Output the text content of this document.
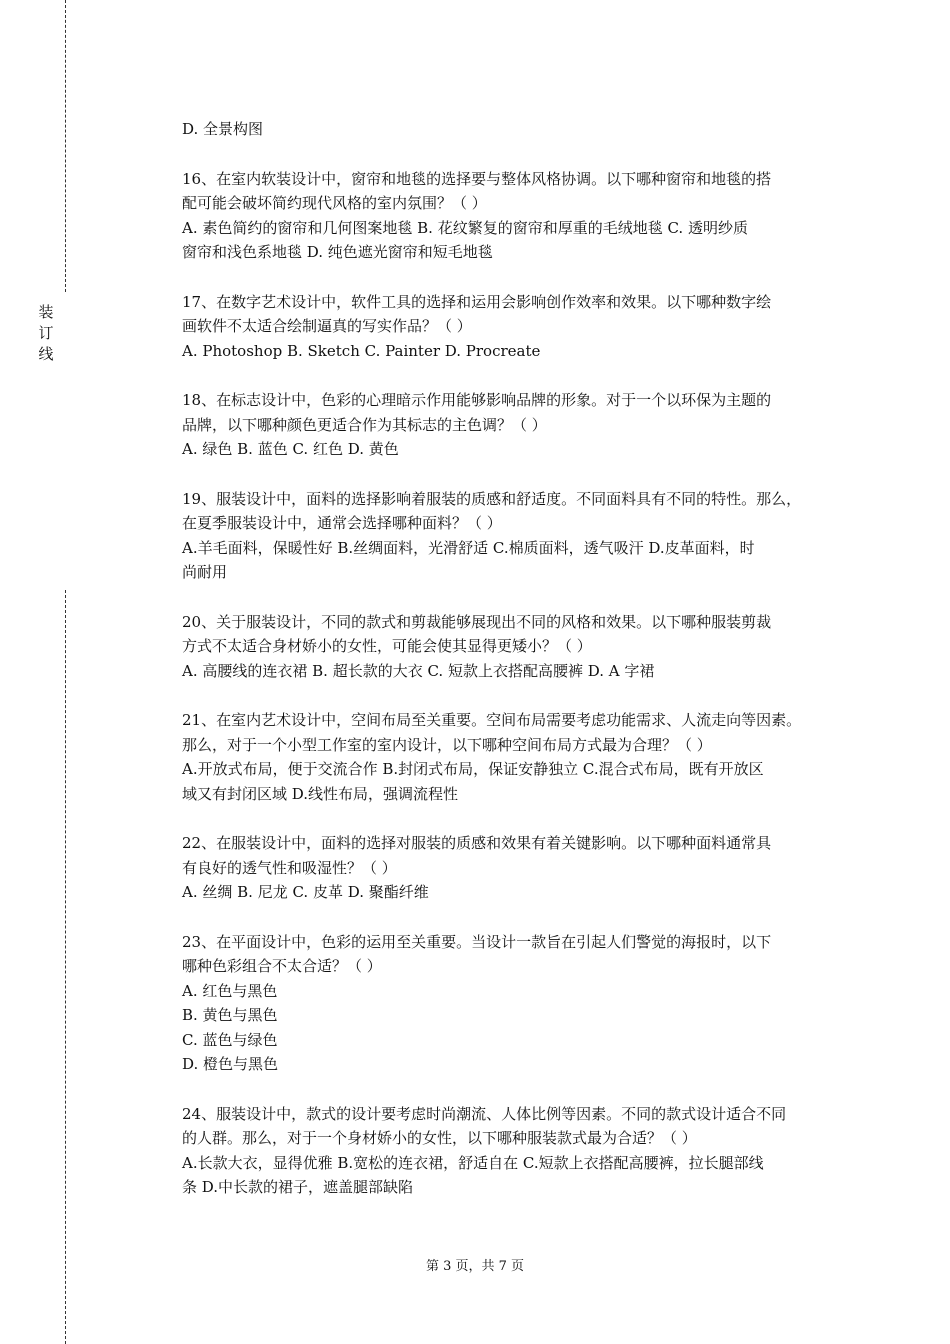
装订线
D. 全景构图
16、在室内软装设计中，窗帘和地毯的选择要与整体风格协调。以下哪种窗帘和地毯的搭
配可能会破坏简约现代风格的室内氛围？（ ）
A. 素色简约的窗帘和几何图案地毯 B. 花纹繁复的窗帘和厚重的毛绒地毯 C. 透明纱质
窗帘和浅色系地毯 D. 纯色遮光窗帘和短毛地毯
17、在数字艺术设计中，软件工具的选择和运用会影响创作效率和效果。以下哪种数字绘
画软件不太适合绘制逼真的写实作品？（ ）
A. Photoshop B. Sketch C. Painter D. Procreate
18、在标志设计中，色彩的心理暗示作用能够影响品牌的形象。对于一个以环保为主题的
品牌，以下哪种颜色更适合作为其标志的主色调？（ ）
A. 绿色 B. 蓝色 C. 红色 D. 黄色
19、服装设计中，面料的选择影响着服装的质感和舒适度。不同面料具有不同的特性。那么，
在夏季服装设计中，通常会选择哪种面料？（ ）
A.羊毛面料，保暖性好 B.丝绸面料，光滑舒适 C.棉质面料，透气吸汗 D.皮革面料，时
尚耐用
20、关于服装设计，不同的款式和剪裁能够展现出不同的风格和效果。以下哪种服装剪裁
方式不太适合身材娇小的女性，可能会使其显得更矮小？（ ）
A. 高腰线的连衣裙 B. 超长款的大衣 C. 短款上衣搭配高腰裤 D. A 字裙
21、在室内艺术设计中，空间布局至关重要。空间布局需要考虑功能需求、人流走向等因素。
那么，对于一个小型工作室的室内设计，以下哪种空间布局方式最为合理？（ ）
A.开放式布局，便于交流合作 B.封闭式布局，保证安静独立 C.混合式布局，既有开放区
域又有封闭区域 D.线性布局，强调流程性
22、在服装设计中，面料的选择对服装的质感和效果有着关键影响。以下哪种面料通常具
有良好的透气性和吸湿性？（ ）
A. 丝绸 B. 尼龙 C. 皮革 D. 聚酯纤维
23、在平面设计中，色彩的运用至关重要。当设计一款旨在引起人们警觉的海报时，以下
哪种色彩组合不太合适？（ ）
A. 红色与黑色
B. 黄色与黑色
C. 蓝色与绿色
D. 橙色与黑色
24、服装设计中，款式的设计要考虑时尚潮流、人体比例等因素。不同的款式设计适合不同
的人群。那么，对于一个身材娇小的女性，以下哪种服装款式最为合适？（ ）
A.长款大衣，显得优雅 B.宽松的连衣裙，舒适自在 C.短款上衣搭配高腰裤，拉长腿部线
条 D.中长款的裙子，遮盖腿部缺陷
第 3 页，共 7 页
